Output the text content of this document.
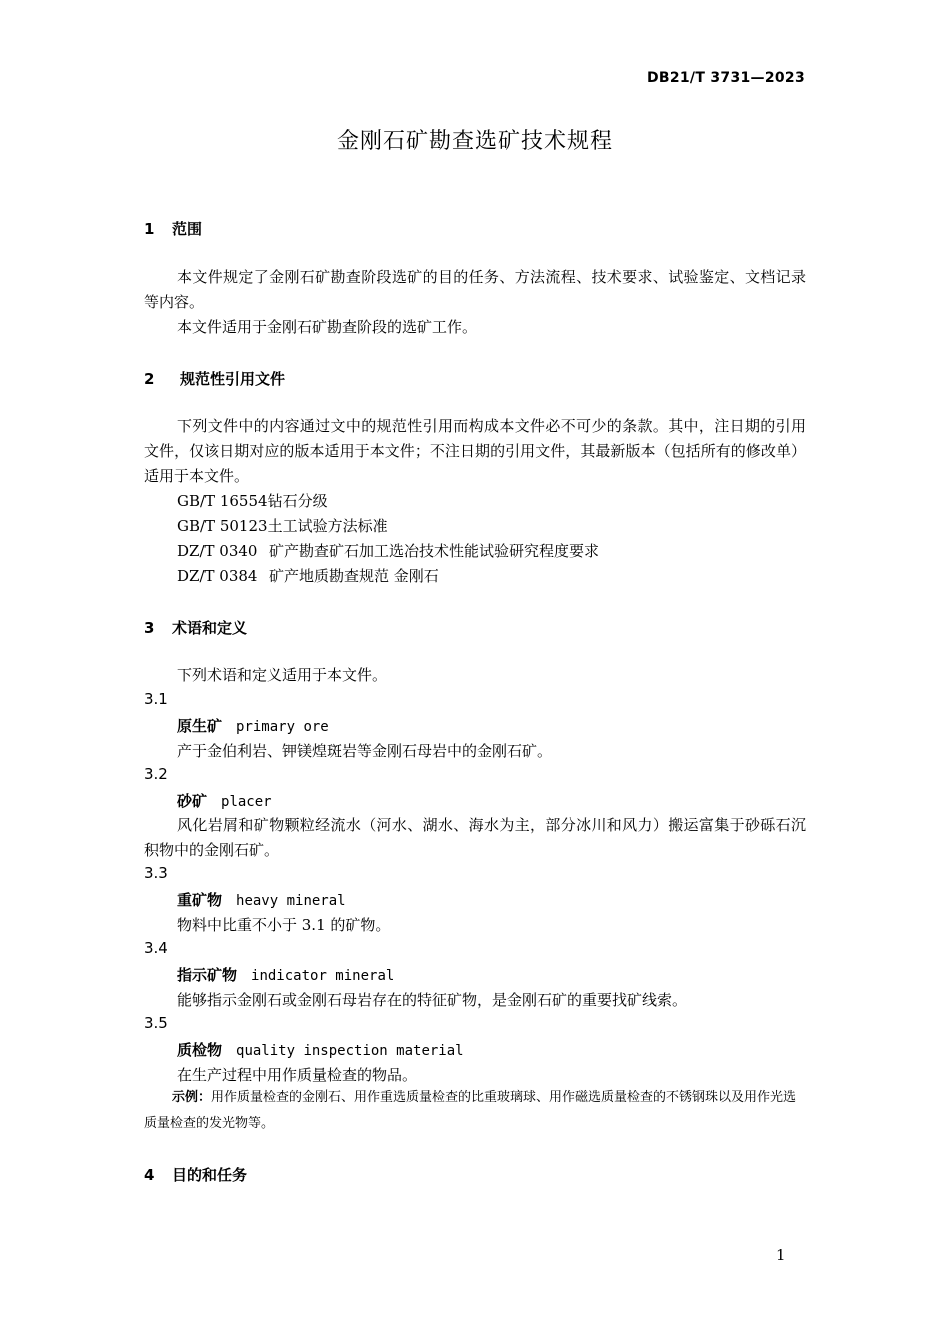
DB21/T 3731—2023
金刚石矿勘查选矿技术规程
1 范围
本文件规定了金刚石矿勘查阶段选矿的目的任务、方法流程、技术要求、试验鉴定、文档记录等内容。
本文件适用于金刚石矿勘查阶段的选矿工作。
2 规范性引用文件
下列文件中的内容通过文中的规范性引用而构成本文件必不可少的条款。其中，注日期的引用文件，仅该日期对应的版本适用于本文件；不注日期的引用文件，其最新版本（包括所有的修改单）适用于本文件。
GB/T 16554钻石分级
GB/T 50123土工试验方法标准
DZ/T 0340 矿产勘查矿石加工选冶技术性能试验研究程度要求
DZ/T 0384 矿产地质勘查规范 金刚石
3 术语和定义
下列术语和定义适用于本文件。
3.1
原生矿 primary ore
产于金伯利岩、钾镁煌斑岩等金刚石母岩中的金刚石矿。
3.2
砂矿 placer
风化岩屑和矿物颗粒经流水（河水、湖水、海水为主，部分冰川和风力）搬运富集于砂砾石沉积物中的金刚石矿。
3.3
重矿物 heavy mineral
物料中比重不小于 3.1 的矿物。
3.4
指示矿物 indicator mineral
能够指示金刚石或金刚石母岩存在的特征矿物，是金刚石矿的重要找矿线索。
3.5
质检物 quality inspection material
在生产过程中用作质量检查的物品。
示例：用作质量检查的金刚石、用作重选质量检查的比重玻璃球、用作磁选质量检查的不锈钢珠以及用作光选质量检查的发光物等。
4 目的和任务
1
